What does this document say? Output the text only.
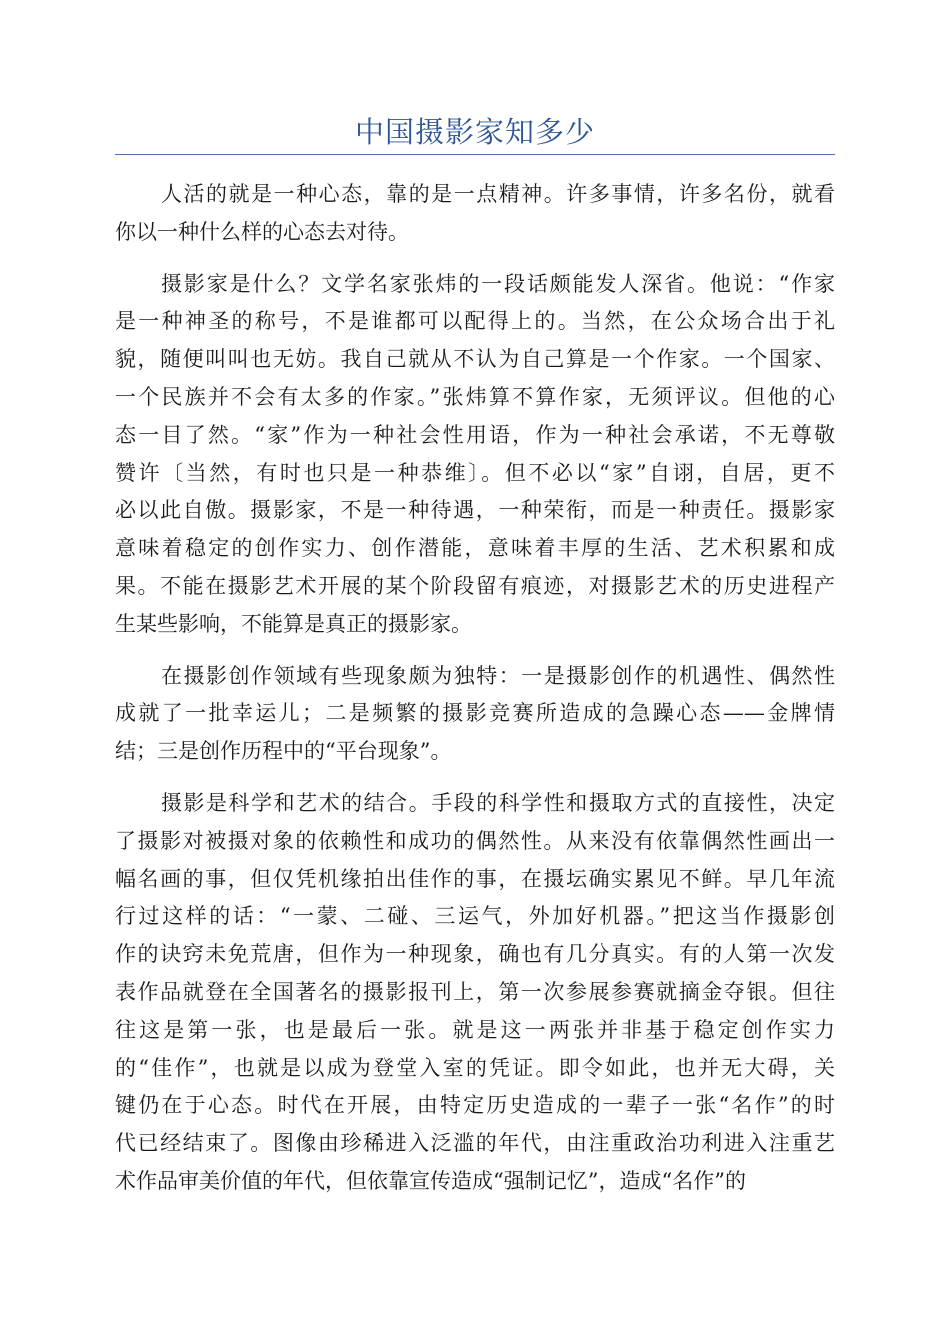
中国摄影家知多少
人活的就是一种心态，靠的是一点精神。许多事情，许多名份，就看
你以一种什么样的心态去对待。
摄影家是什么？文学名家张炜的一段话颇能发人深省。他说：“作家
是一种神圣的称号，不是谁都可以配得上的。当然，在公众场合出于礼
貌，随便叫叫也无妨。我自己就从不认为自己算是一个作家。一个国家、
一个民族并不会有太多的作家。”张炜算不算作家，无须评议。但他的心
态一目了然。“家”作为一种社会性用语，作为一种社会承诺，不无尊敬
赞许〔当然，有时也只是一种恭维〕。但不必以“家”自诩，自居，更不
必以此自傲。摄影家，不是一种待遇，一种荣衔，而是一种责任。摄影家
意味着稳定的创作实力、创作潜能，意味着丰厚的生活、艺术积累和成
果。不能在摄影艺术开展的某个阶段留有痕迹，对摄影艺术的历史进程产
生某些影响，不能算是真正的摄影家。
在摄影创作领域有些现象颇为独特：一是摄影创作的机遇性、偶然性
成就了一批幸运儿；二是频繁的摄影竞赛所造成的急躁心态——金牌情
结；三是创作历程中的“平台现象”。
摄影是科学和艺术的结合。手段的科学性和摄取方式的直接性，决定
了摄影对被摄对象的依赖性和成功的偶然性。从来没有依靠偶然性画出一
幅名画的事，但仅凭机缘拍出佳作的事，在摄坛确实累见不鲜。早几年流
行过这样的话：“一蒙、二碰、三运气，外加好机器。”把这当作摄影创
作的诀窍未免荒唐，但作为一种现象，确也有几分真实。有的人第一次发
表作品就登在全国著名的摄影报刊上，第一次参展参赛就摘金夺银。但往
往这是第一张，也是最后一张。就是这一两张并非基于稳定创作实力
的“佳作”，也就是以成为登堂入室的凭证。即令如此，也并无大碍，关
键仍在于心态。时代在开展，由特定历史造成的一辈子一张“名作”的时
代已经结束了。图像由珍稀进入泛滥的年代，由注重政治功利进入注重艺
术作品审美价值的年代，但依靠宣传造成“强制记忆”，造成“名作”的
